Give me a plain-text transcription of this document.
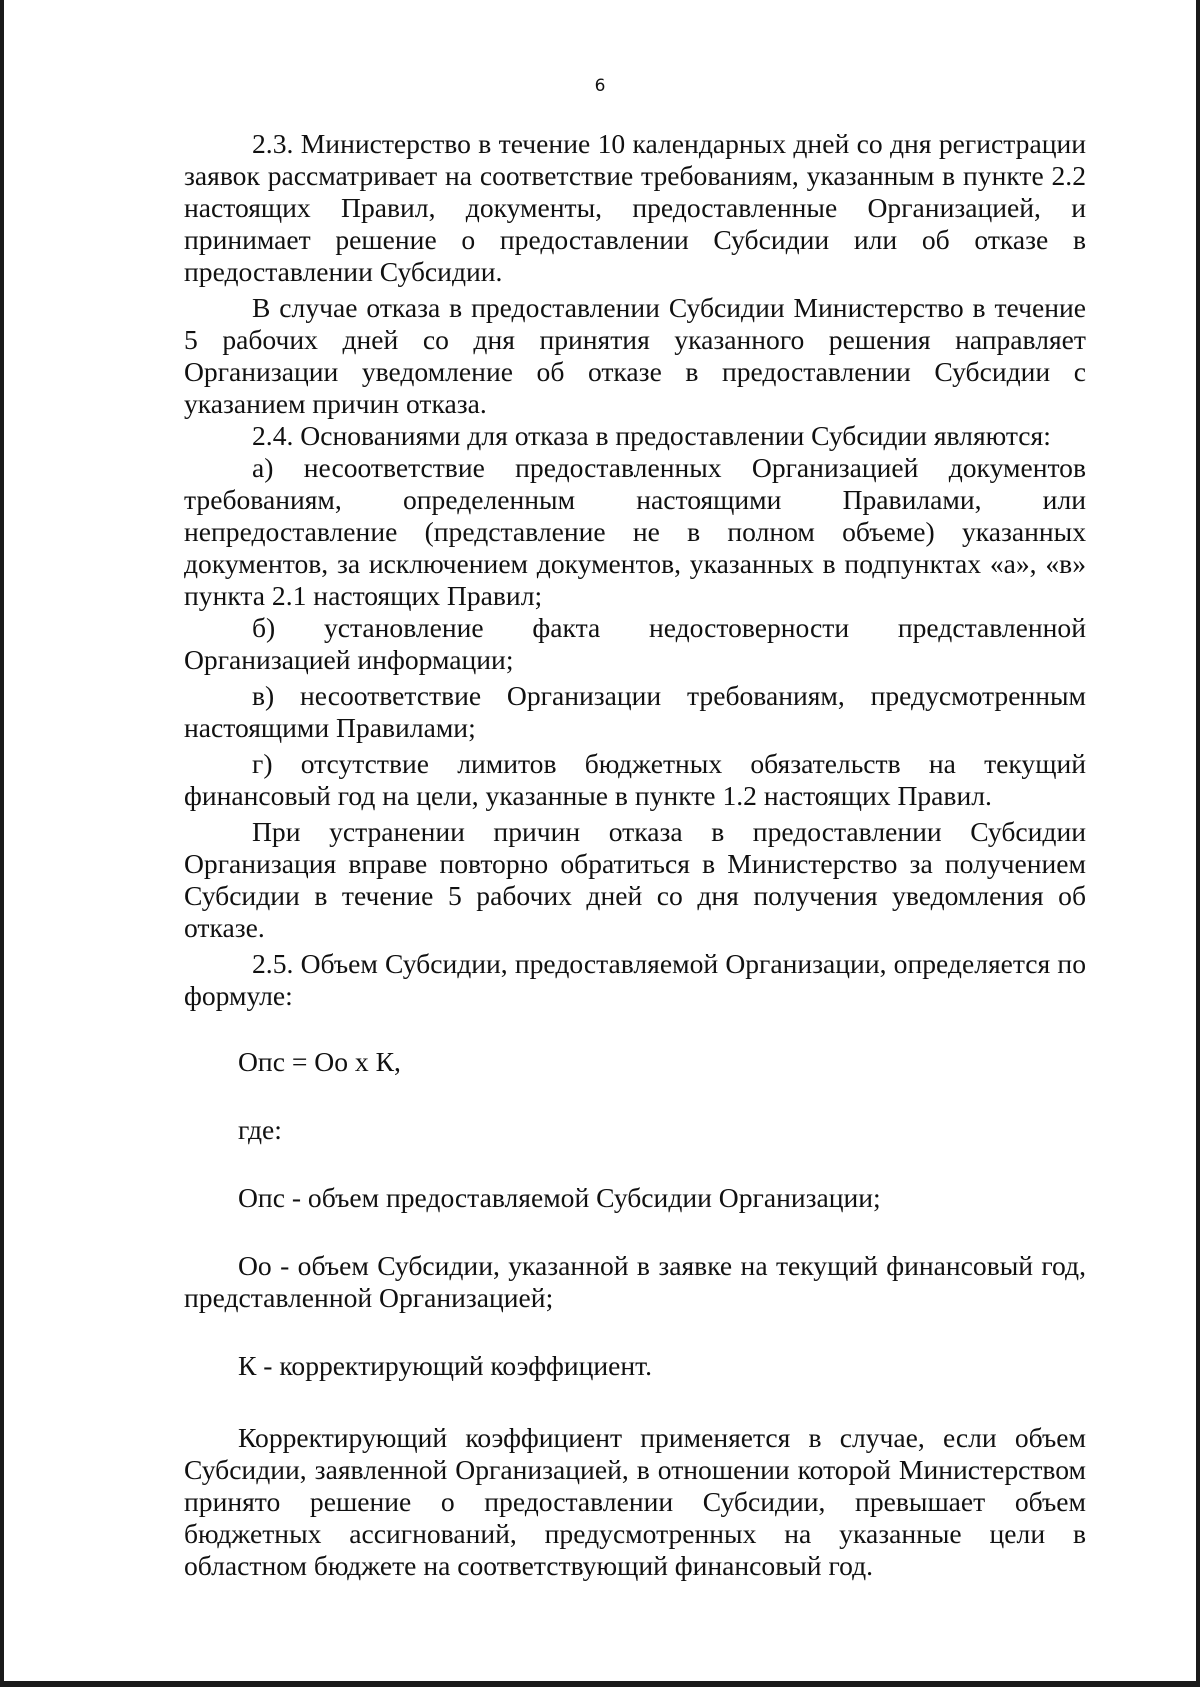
6

2.3. Министерство в течение 10 календарных дней со дня регистрации заявок рассматривает на соответствие требованиям, указанным в пункте 2.2 настоящих Правил, документы, предоставленные Организацией, и принимает решение о предоставлении Субсидии или об отказе в предоставлении Субсидии.

В случае отказа в предоставлении Субсидии Министерство в течение 5 рабочих дней со дня принятия указанного решения направляет Организации уведомление об отказе в предоставлении Субсидии с указанием причин отказа.

2.4. Основаниями для отказа в предоставлении Субсидии являются:

а) несоответствие предоставленных Организацией документов требованиям, определенным настоящими Правилами, или непредоставление (представление не в полном объеме) указанных документов, за исключением документов, указанных в подпунктах «а», «в» пункта 2.1 настоящих Правил;

б) установление факта недостоверности представленной Организацией информации;

в) несоответствие Организации требованиям, предусмотренным настоящими Правилами;

г) отсутствие лимитов бюджетных обязательств на текущий финансовый год на цели, указанные в пункте 1.2 настоящих Правил.

При устранении причин отказа в предоставлении Субсидии Организация вправе повторно обратиться в Министерство за получением Субсидии в течение 5 рабочих дней со дня получения уведомления об отказе.

2.5. Объем Субсидии, предоставляемой Организации, определяется по формуле:

Опс = Оо х К,
где:
Опс - объем предоставляемой Субсидии Организации;
Оо - объем Субсидии, указанной в заявке на текущий финансовый год, представленной Организацией;
К - корректирующий коэффициент.
Корректирующий коэффициент применяется в случае, если объем Субсидии, заявленной Организацией, в отношении которой Министерством принято решение о предоставлении Субсидии, превышает объем бюджетных ассигнований, предусмотренных на указанные цели в областном бюджете на соответствующий финансовый год.
